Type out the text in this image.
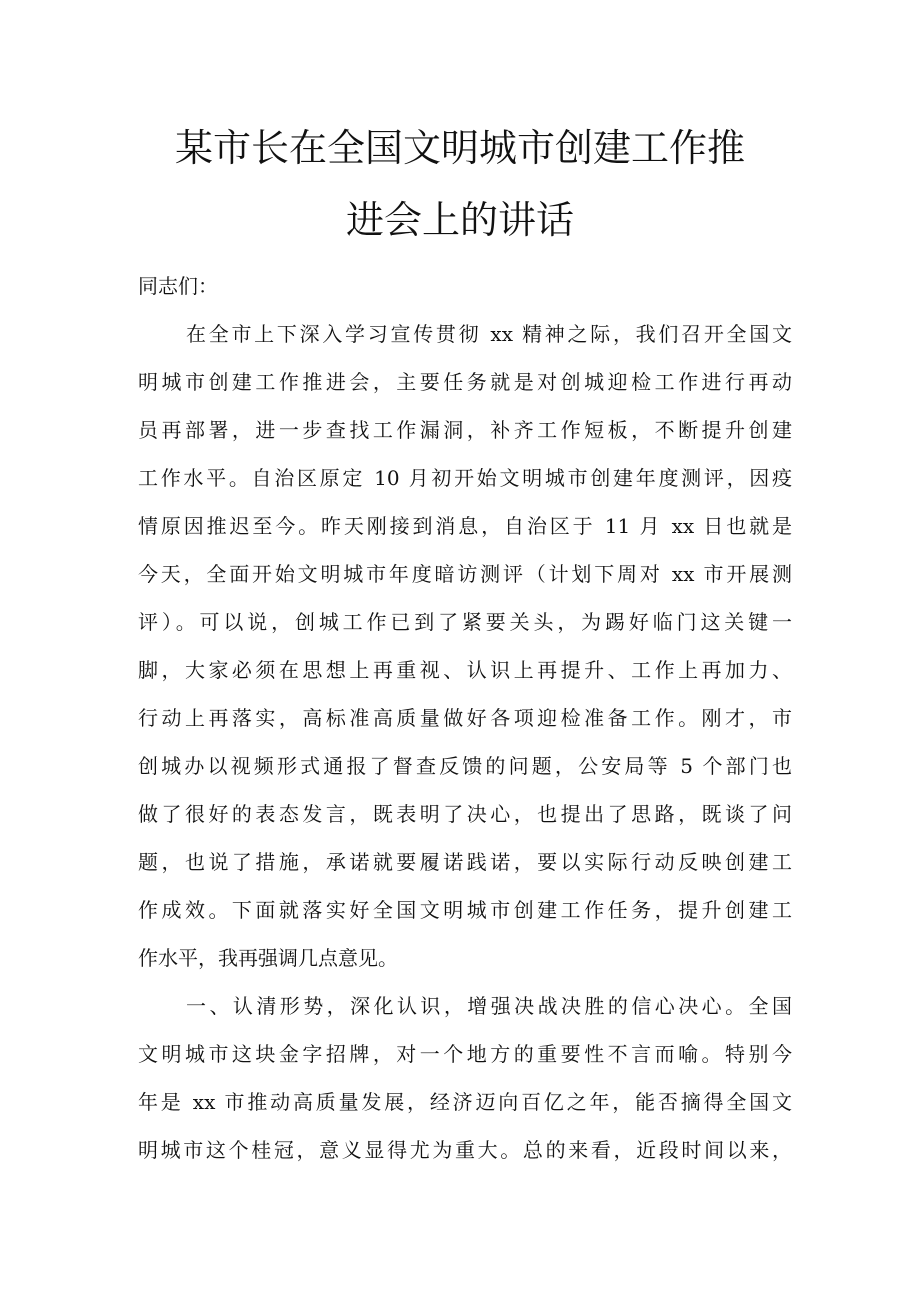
某市长在全国文明城市创建工作推
进会上的讲话
同志们：
在全市上下深入学习宣传贯彻 xx 精神之际，我们召开全国文
明城市创建工作推进会，主要任务就是对创城迎检工作进行再动
员再部署，进一步查找工作漏洞，补齐工作短板，不断提升创建
工作水平。自治区原定 10 月初开始文明城市创建年度测评，因疫
情原因推迟至今。昨天刚接到消息，自治区于 11 月 xx 日也就是
今天，全面开始文明城市年度暗访测评（计划下周对 xx 市开展测
评）。可以说，创城工作已到了紧要关头，为踢好临门这关键一
脚，大家必须在思想上再重视、认识上再提升、工作上再加力、
行动上再落实，高标准高质量做好各项迎检准备工作。刚才，市
创城办以视频形式通报了督查反馈的问题，公安局等 5 个部门也
做了很好的表态发言，既表明了决心，也提出了思路，既谈了问
题，也说了措施，承诺就要履诺践诺，要以实际行动反映创建工
作成效。下面就落实好全国文明城市创建工作任务，提升创建工
作水平，我再强调几点意见。
一、认清形势，深化认识，增强决战决胜的信心决心。全国
文明城市这块金字招牌，对一个地方的重要性不言而喻。特别今
年是 xx 市推动高质量发展，经济迈向百亿之年，能否摘得全国文
明城市这个桂冠，意义显得尤为重大。总的来看，近段时间以来，
